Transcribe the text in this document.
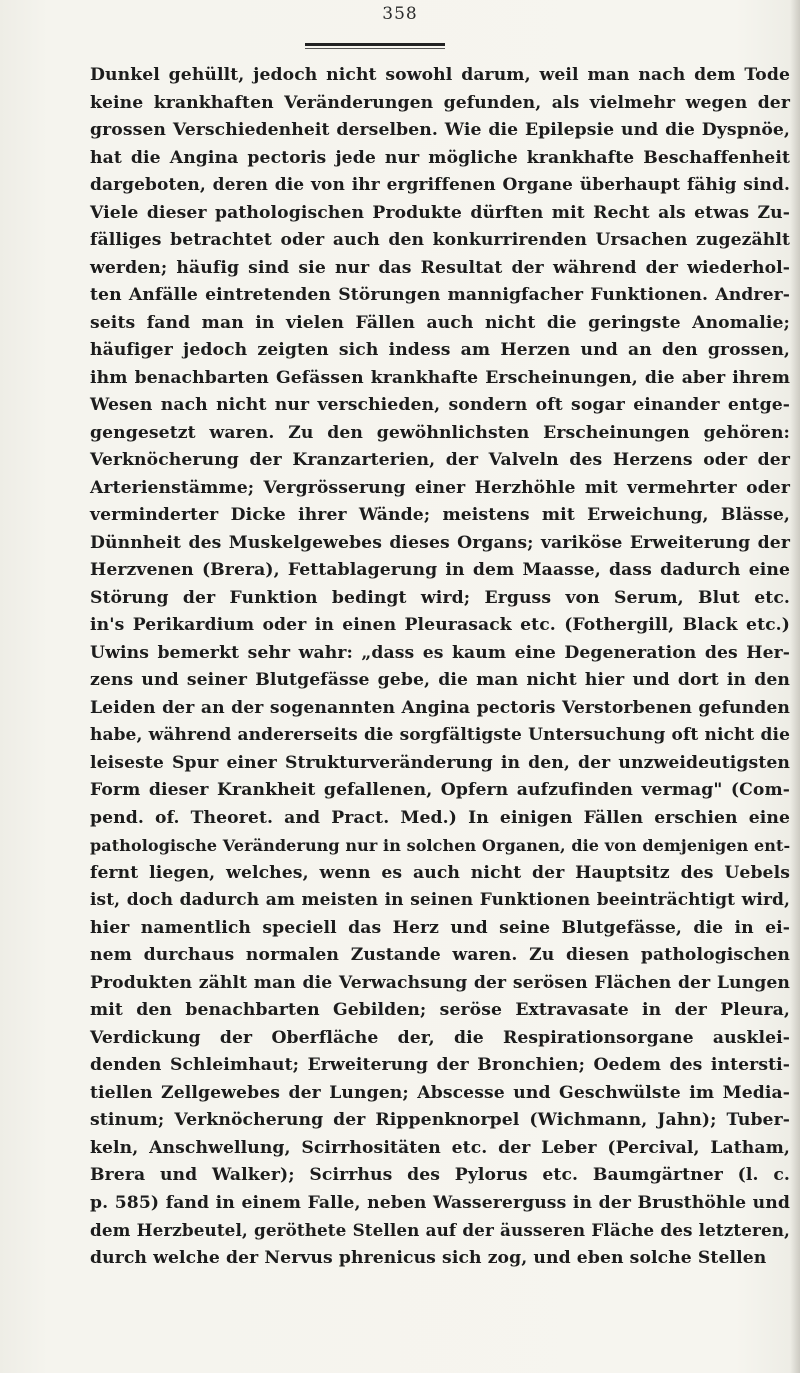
358
Dunkel gehüllt, jedoch nicht sowohl darum, weil man nach dem Tode
keine krankhaften Veränderungen gefunden, als vielmehr wegen der
grossen Verschiedenheit derselben. Wie die Epilepsie und die Dyspnöe,
hat die Angina pectoris jede nur mögliche krankhafte Beschaffenheit
dargeboten, deren die von ihr ergriffenen Organe überhaupt fähig sind.
Viele dieser pathologischen Produkte dürften mit Recht als etwas Zu-
fälliges betrachtet oder auch den konkurrirenden Ursachen zugezählt
werden; häufig sind sie nur das Resultat der während der wiederhol-
ten Anfälle eintretenden Störungen mannigfacher Funktionen. Andrer-
seits fand man in vielen Fällen auch nicht die geringste Anomalie;
häufiger jedoch zeigten sich indess am Herzen und an den grossen,
ihm benachbarten Gefässen krankhafte Erscheinungen, die aber ihrem
Wesen nach nicht nur verschieden, sondern oft sogar einander entge-
gengesetzt waren. Zu den gewöhnlichsten Erscheinungen gehören:
Verknöcherung der Kranzarterien, der Valveln des Herzens oder der
Arterienstämme; Vergrösserung einer Herzhöhle mit vermehrter oder
verminderter Dicke ihrer Wände; meistens mit Erweichung, Blässe,
Dünnheit des Muskelgewebes dieses Organs; variköse Erweiterung der
Herzvenen (Brera), Fettablagerung in dem Maasse, dass dadurch eine
Störung der Funktion bedingt wird; Erguss von Serum, Blut etc.
in's Perikardium oder in einen Pleurasack etc. (Fothergill, Black etc.)
Uwins bemerkt sehr wahr: „dass es kaum eine Degeneration des Her-
zens und seiner Blutgefässe gebe, die man nicht hier und dort in den
Leiden der an der sogenannten Angina pectoris Verstorbenen gefunden
habe, während andererseits die sorgfältigste Untersuchung oft nicht die
leiseste Spur einer Strukturveränderung in den, der unzweideutigsten
Form dieser Krankheit gefallenen, Opfern aufzufinden vermag" (Com-
pend. of. Theoret. and Pract. Med.) In einigen Fällen erschien eine
pathologische Veränderung nur in solchen Organen, die von demjenigen ent-
fernt liegen, welches, wenn es auch nicht der Hauptsitz des Uebels
ist, doch dadurch am meisten in seinen Funktionen beeinträchtigt wird,
hier namentlich speciell das Herz und seine Blutgefässe, die in ei-
nem durchaus normalen Zustande waren. Zu diesen pathologischen
Produkten zählt man die Verwachsung der serösen Flächen der Lungen
mit den benachbarten Gebilden; seröse Extravasate in der Pleura,
Verdickung der Oberfläche der, die Respirationsorgane ausklei-
denden Schleimhaut; Erweiterung der Bronchien; Oedem des intersti-
tiellen Zellgewebes der Lungen; Abscesse und Geschwülste im Media-
stinum; Verknöcherung der Rippenknorpel (Wichmann, Jahn); Tuber-
keln, Anschwellung, Scirrhositäten etc. der Leber (Percival, Latham,
Brera und Walker); Scirrhus des Pylorus etc. Baumgärtner (l. c.
p. 585) fand in einem Falle, neben Wassererguss in der Brusthöhle und
dem Herzbeutel, geröthete Stellen auf der äusseren Fläche des letzteren,
durch welche der Nervus phrenicus sich zog, und eben solche Stellen
